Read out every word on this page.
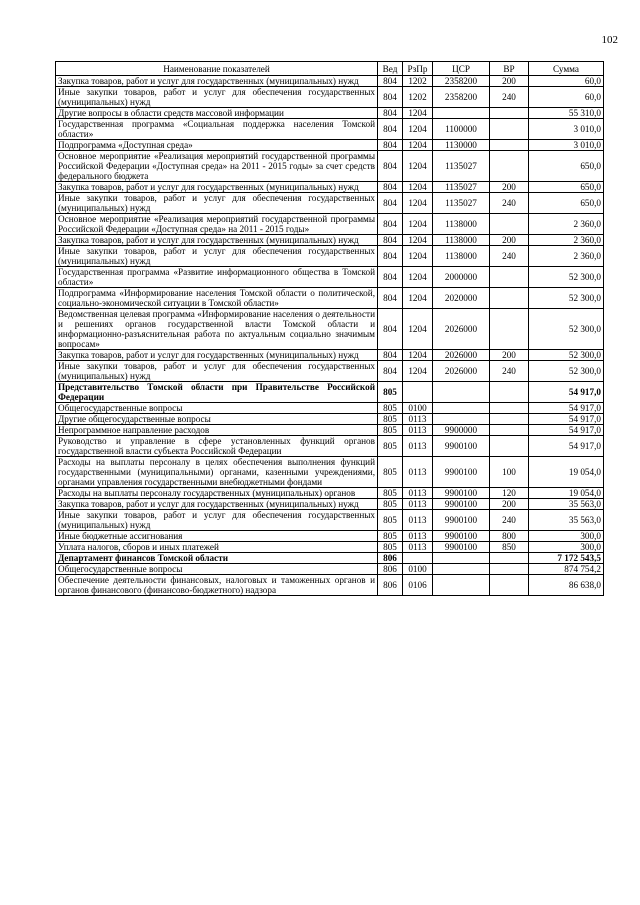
102
Наименование показателей	Вед	РзПр	ЦСР	ВР	Сумма
Закупка товаров, работ и услуг для государственных (муниципальных) нужд	804	1202	2358200	200	60,0
Иные закупки товаров, работ и услуг для обеспечения государственных (муниципальных) нужд	804	1202	2358200	240	60,0
Другие вопросы в области средств массовой информации	804	1204			55 310,0
Государственная программа «Социальная поддержка населения Томской области»	804	1204	1100000		3 010,0
Подпрограмма «Доступная среда»	804	1204	1130000		3 010,0
Основное мероприятие «Реализация мероприятий государственной программы Российской Федерации «Доступная среда» на 2011 - 2015 годы» за счет средств федерального бюджета	804	1204	1135027		650,0
Закупка товаров, работ и услуг для государственных (муниципальных) нужд	804	1204	1135027	200	650,0
Иные закупки товаров, работ и услуг для обеспечения государственных (муниципальных) нужд	804	1204	1135027	240	650,0
Основное мероприятие «Реализация мероприятий государственной программы Российской Федерации «Доступная среда» на 2011 - 2015 годы»	804	1204	1138000		2 360,0
Закупка товаров, работ и услуг для государственных (муниципальных) нужд	804	1204	1138000	200	2 360,0
Иные закупки товаров, работ и услуг для обеспечения государственных (муниципальных) нужд	804	1204	1138000	240	2 360,0
Государственная программа «Развитие информационного общества в Томской области»	804	1204	2000000		52 300,0
Подпрограмма «Информирование населения Томской области о политической, социально-экономической ситуации в Томской области»	804	1204	2020000		52 300,0
Ведомственная целевая программа «Информирование населения о деятельности и решениях органов государственной власти Томской области и информационно-разъяснительная работа по актуальным социально значимым вопросам»	804	1204	2026000		52 300,0
Закупка товаров, работ и услуг для государственных (муниципальных) нужд	804	1204	2026000	200	52 300,0
Иные закупки товаров, работ и услуг для обеспечения государственных (муниципальных) нужд	804	1204	2026000	240	52 300,0
Представительство Томской области при Правительстве Российской Федерации	805				54 917,0
Общегосударственные вопросы	805	0100			54 917,0
Другие общегосударственные вопросы	805	0113			54 917,0
Непрограммное направление расходов	805	0113	9900000		54 917,0
Руководство и управление в сфере установленных функций органов государственной власти субъекта Российской Федерации	805	0113	9900100		54 917,0
Расходы на выплаты персоналу в целях обеспечения выполнения функций государственными (муниципальными) органами, казенными учреждениями, органами управления государственными внебюджетными фондами	805	0113	9900100	100	19 054,0
Расходы на выплаты персоналу государственных (муниципальных) органов	805	0113	9900100	120	19 054,0
Закупка товаров, работ и услуг для государственных (муниципальных) нужд	805	0113	9900100	200	35 563,0
Иные закупки товаров, работ и услуг для обеспечения государственных (муниципальных) нужд	805	0113	9900100	240	35 563,0
Иные бюджетные ассигнования	805	0113	9900100	800	300,0
Уплата налогов, сборов и иных платежей	805	0113	9900100	850	300,0
Департамент финансов Томской области	806				7 172 543,5
Общегосударственные вопросы	806	0100			874 754,2
Обеспечение деятельности финансовых, налоговых и таможенных органов и органов финансового (финансово-бюджетного) надзора	806	0106			86 638,0
